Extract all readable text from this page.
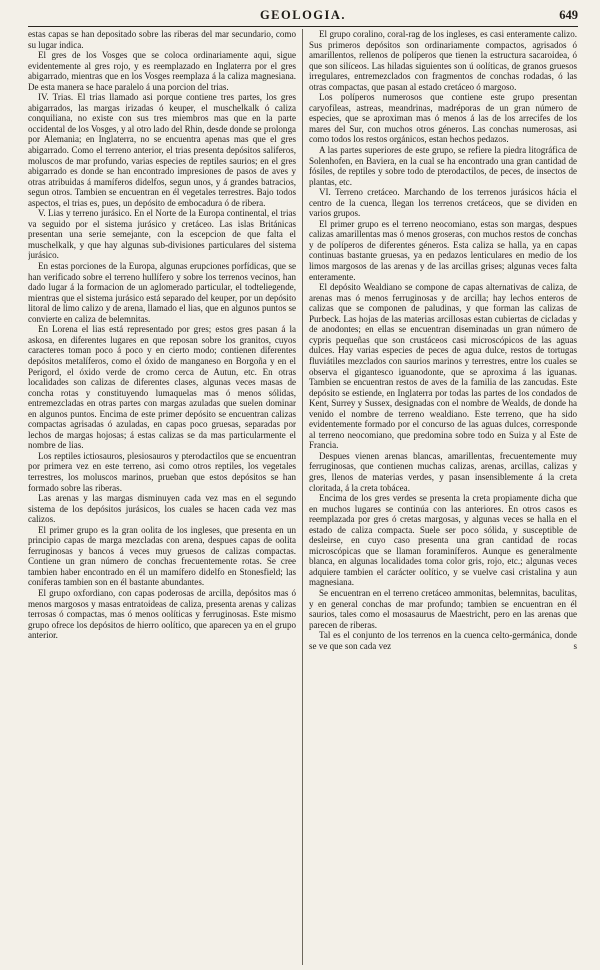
GEOLOGIA.	649

estas capas se han depositado sobre las riberas del mar secundario, como su lugar indica.

El gres de los Vosges que se coloca ordinariamente aqui, sigue evidentemente al gres rojo, y es reemplazado en Inglaterra por el gres abigarrado, mientras que en los Vosges reemplaza á la caliza magnesiana. De esta manera se hace paralelo á una porcion del trias.

IV. Trias. El trias llamado asi porque contiene tres partes, los gres abigarrados, las margas irizadas ó keuper, el muschelkalk ó caliza conquiliana, no existe con sus tres miembros mas que en la parte occidental de los Vosges, y al otro lado del Rhin, desde donde se prolonga por Alemania; en Inglaterra, no se encuentra apenas mas que el gres abigarrado. Como el terreno anterior, el trias presenta depósitos saliferos, moluscos de mar profundo, varias especies de reptiles saurios; en el gres abigarrado es donde se han encontrado impresiones de pasos de aves y otras atribuidas á mamíferos didelfos, segun unos, y á grandes batracios, segun otros. Tambien se encuentran en él vegetales terrestres. Bajo todos aspectos, el trias es, pues, un depósito de embocadura ó de ribera.

V. Lias y terreno jurásico. En el Norte de la Europa continental, el trias va seguido por el sistema jurásico y cretáceo. Las islas Británicas presentan una serie semejante, con la escepcion de que falta el muschelkalk, y que hay algunas sub-divisiones particulares del sistema jurásico.

En estas porciones de la Europa, algunas erupciones porfídicas, que se han verificado sobre el terreno hullífero y sobre los terrenos vecinos, han dado lugar á la formacion de un aglomerado particular, el todteliegende, mientras que el sistema jurásico está separado del keuper, por un depósito litoral de limo calizo y de arena, llamado el lias, que en algunos puntos se convierte en caliza de belemnitas.

En Lorena el lias está representado por gres; estos gres pasan á la askosa, en diferentes lugares en que reposan sobre los granitos, cuyos caracteres toman poco á poco y en cierto modo; contienen diferentes depósitos metalíferos, como el óxido de manganeso en Borgoña y en el Perigord, el óxido verde de cromo cerca de Autun, etc. En otras localidades son calizas de diferentes clases, algunas veces masas de concha rotas y constituyendo lumaquelas mas ó menos sólidas, entremezcladas en otras partes con margas azuladas que suelen dominar en algunos puntos. Encima de este primer depósito se encuentran calizas compactas agrisadas ó azuladas, en capas poco gruesas, separadas por lechos de margas hojosas; á estas calizas se da mas particularmente el nombre de lias.

Los reptiles ictiosauros, plesiosauros y pterodactilos que se encuentran por primera vez en este terreno, asi como otros reptiles, los vegetales terrestres, los moluscos marinos, prueban que estos depósitos se han formado sobre las riberas.

Las arenas y las margas disminuyen cada vez mas en el segundo sistema de los depósitos jurásicos, los cuales se hacen cada vez mas calizos.

El primer grupo es la gran oolita de los ingleses, que presenta en un principio capas de marga mezcladas con arena, despues capas de oolita ferruginosas y bancos á veces muy gruesos de calizas compactas. Contiene un gran número de conchas frecuentemente rotas. Se cree tambien haber encontrado en él un mamífero didelfo en Stonesfield; las coníferas tambien son en él bastante abundantes.

El grupo oxfordiano, con capas poderosas de arcilla, depósitos mas ó menos margosos y masas entratoideas de caliza, presenta arenas y calizas terrosas ó compactas, mas ó menos oolíticas y ferruginosas. Este mismo grupo ofrece los depósitos de hierro oolítico, que aparecen ya en el grupo anterior.

El grupo coralino, coral-rag de los ingleses, es casi enteramente calizo. Sus primeros depósitos son ordinariamente compactos, agrisados ó amarillentos, rellenos de políperos que tienen la estructura sacaroidea, ó que son silíceos. Las hiladas siguientes son ú oolíticas, de granos gruesos irregulares, entremezclados con fragmentos de conchas rodadas, ó las otras compactas, que pasan al estado cretáceo ó margoso.

Los políperos numerosos que contiene este grupo presentan caryofíleas, astreas, meandrinas, madréporas de un gran número de especies, que se aproximan mas ó menos á las de los arrecifes de los mares del Sur, con muchos otros géneros. Las conchas numerosas, asi como todos los restos orgánicos, estan hechos pedazos.

A las partes superiores de este grupo, se refiere la piedra litográfica de Solenhofen, en Baviera, en la cual se ha encontrado una gran cantidad de fósiles, de reptiles y sobre todo de pterodactilos, de peces, de insectos de plantas, etc.

VI. Terreno cretáceo. Marchando de los terrenos jurásicos hácia el centro de la cuenca, llegan los terrenos cretáceos, que se dividen en varios grupos.

El primer grupo es el terreno neocomiano, estas son margas, despues calizas amarillentas mas ó menos groseras, con muchos restos de conchas y de políperos de diferentes géneros. Esta caliza se halla, ya en capas continuas bastante gruesas, ya en pedazos lenticulares en medio de los limos margosos de las arenas y de las arcillas grises; algunas veces falta enteramente.

El depósito Wealdiano se compone de capas alternativas de caliza, de arenas mas ó menos ferruginosas y de arcilla; hay lechos enteros de calizas que se componen de paludinas, y que forman las calizas de Purbeck. Las hojas de las materias arcillosas estan cubiertas de cicladas y de anodontes; en ellas se encuentran diseminadas un gran número de cypris pequeñas que son crustáceos casi microscópicos de las aguas dulces. Hay varias especies de peces de agua dulce, restos de tortugas fluviátiles mezclados con saurios marinos y terrestres, entre los cuales se observa el gigantesco iguanodonte, que se aproxima á las iguanas. Tambien se encuentran restos de aves de la familia de las zancudas. Este depósito se estiende, en Inglaterra por todas las partes de los condados de Kent, Surrey y Sussex, designadas con el nombre de Wealds, de donde ha venido el nombre de terreno wealdiano. Este terreno, que ha sido evidentemente formado por el concurso de las aguas dulces, corresponde al terreno neocomiano, que predomina sobre todo en Suiza y al Este de Francia.

Despues vienen arenas blancas, amarillentas, frecuentemente muy ferruginosas, que contienen muchas calizas, arenas, arcillas, calizas y gres, llenos de materias verdes, y pasan insensiblemente á la creta cloritada, á la creta tobácea.

Encima de los gres verdes se presenta la creta propiamente dicha que en muchos lugares se continúa con las anteriores. En otros casos es reemplazada por gres ó cretas margosas, y algunas veces se halla en el estado de caliza compacta. Suele ser poco sólida, y susceptible de desleirse, en cuyo caso presenta una gran cantidad de rocas microscópicas que se llaman foraminíferos. Aunque es generalmente blanca, en algunas localidades toma color gris, rojo, etc.; algunas veces adquiere tambien el carácter oolítico, y se vuelve casi cristalina y aun magnesiana.

Se encuentran en el terreno cretáceo ammonitas, belemnitas, baculitas, y en general conchas de mar profundo; tambien se encuentran en él saurios, tales como el mosasaurus de Maestricht, pero en las arenas que parecen de riberas.

Tal es el conjunto de los terrenos en la cuenca celto-germánica, donde se ve que son cada vez	s
